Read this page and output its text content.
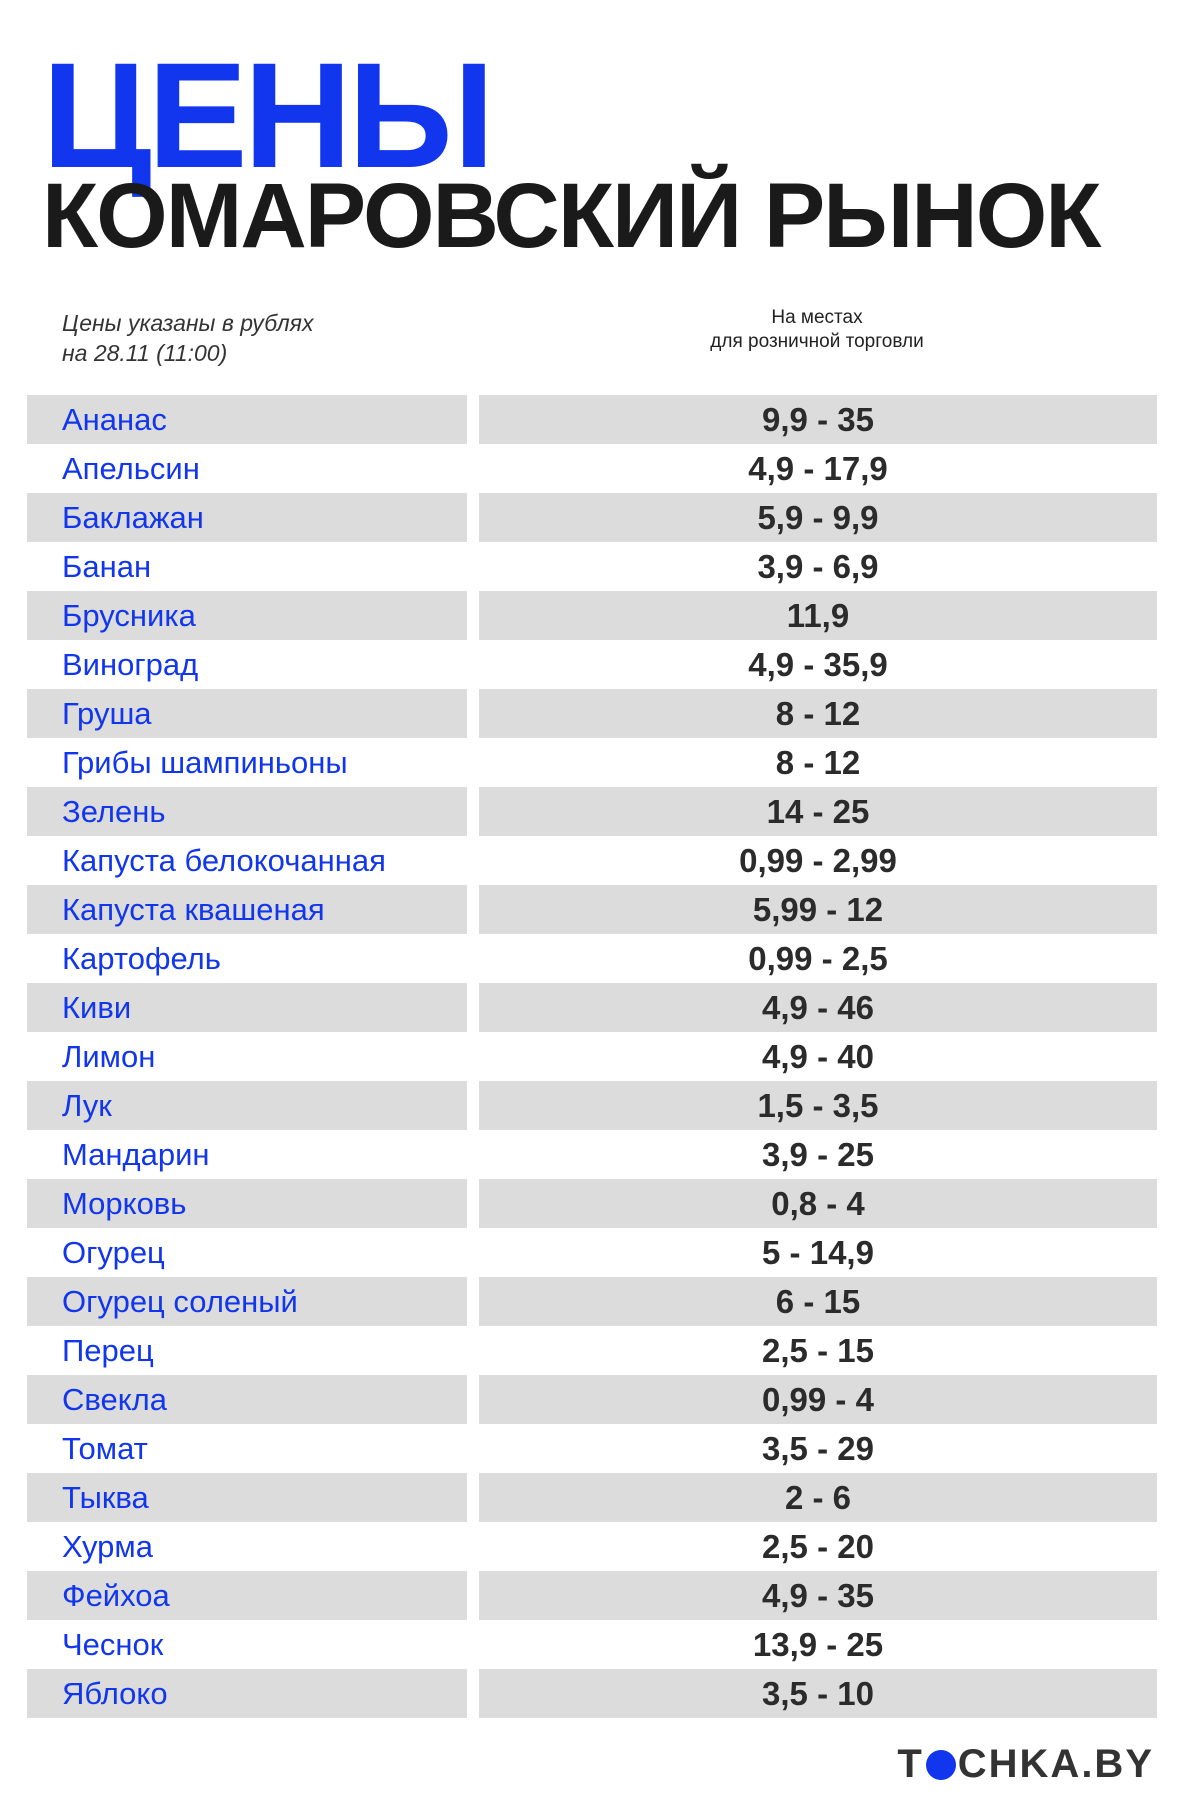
ЦЕНЫ
КОМАРОВСКИЙ РЫНОК
Цены указаны в рублях
на 28.11 (11:00)
На местах
для розничной торговли
Ананас	9,9 - 35
Апельсин	4,9 - 17,9
Баклажан	5,9 - 9,9
Банан	3,9 - 6,9
Брусника	11,9
Виноград	4,9 - 35,9
Груша	8 - 12
Грибы шампиньоны	8 - 12
Зелень	14 - 25
Капуста белокочанная	0,99 - 2,99
Капуста квашеная	5,99 - 12
Картофель	0,99 - 2,5
Киви	4,9 - 46
Лимон	4,9 - 40
Лук	1,5 - 3,5
Мандарин	3,9 - 25
Морковь	0,8 - 4
Огурец	5 - 14,9
Огурец соленый	6 - 15
Перец	2,5 - 15
Свекла	0,99 - 4
Томат	3,5 - 29
Тыква	2 - 6
Хурма	2,5 - 20
Фейхоа	4,9 - 35
Чеснок	13,9 - 25
Яблоко	3,5 - 10
T CHKA.BY
